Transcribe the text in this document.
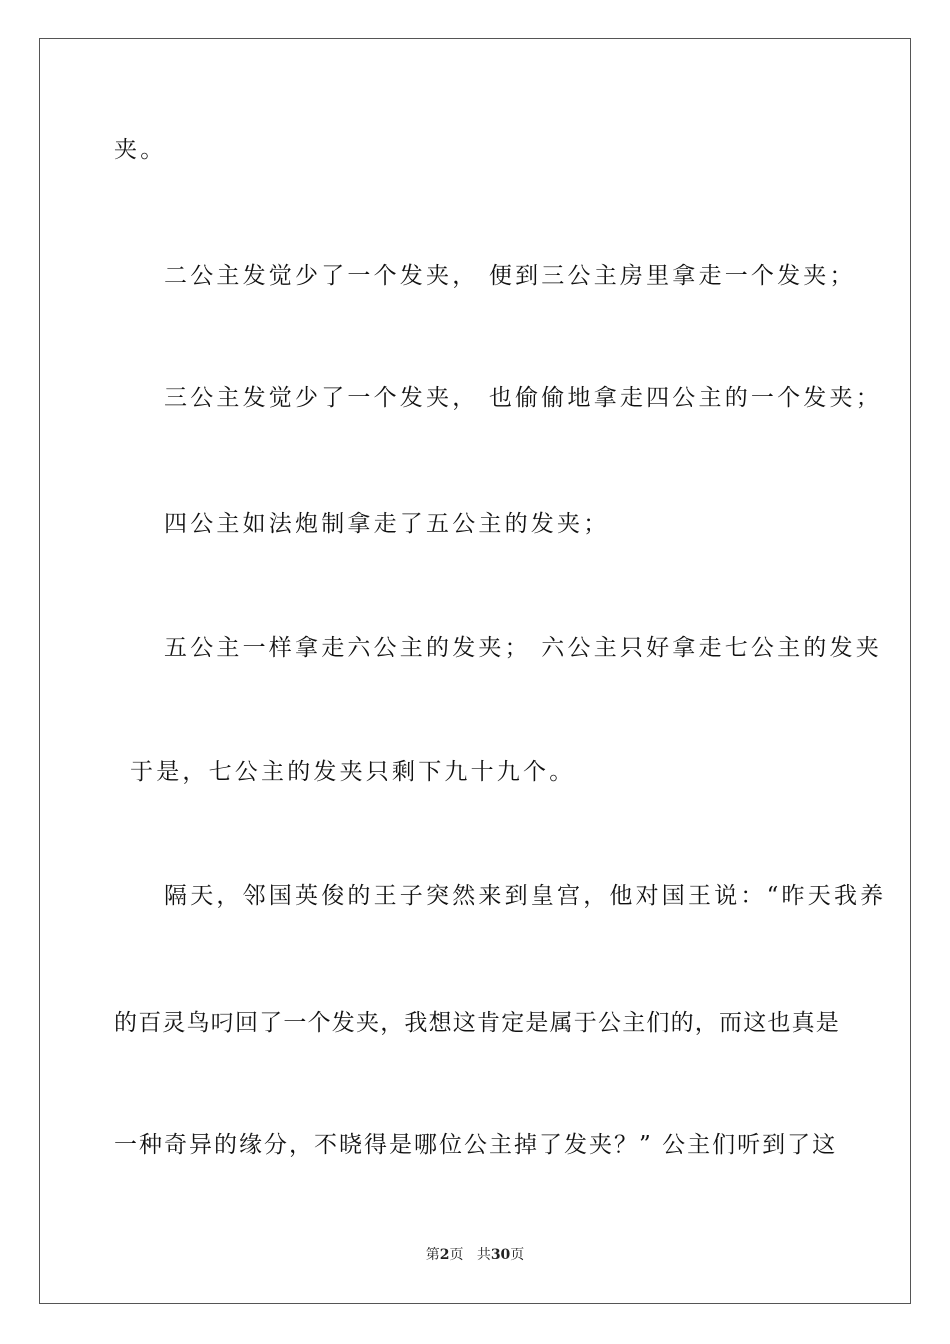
夹。
二公主发觉少了一个发夹， 便到三公主房里拿走一个发夹；
三公主发觉少了一个发夹， 也偷偷地拿走四公主的一个发夹；
四公主如法炮制拿走了五公主的发夹；
五公主一样拿走六公主的发夹； 六公主只好拿走七公主的发夹
于是，七公主的发夹只剩下九十九个。
隔天，邻国英俊的王子突然来到皇宫，他对国王说：“昨天我养
的百灵鸟叼回了一个发夹，我想这肯定是属于公主们的，而这也真是
一种奇异的缘分，不晓得是哪位公主掉了发夹？” 公主们听到了这
第2页 共30页
